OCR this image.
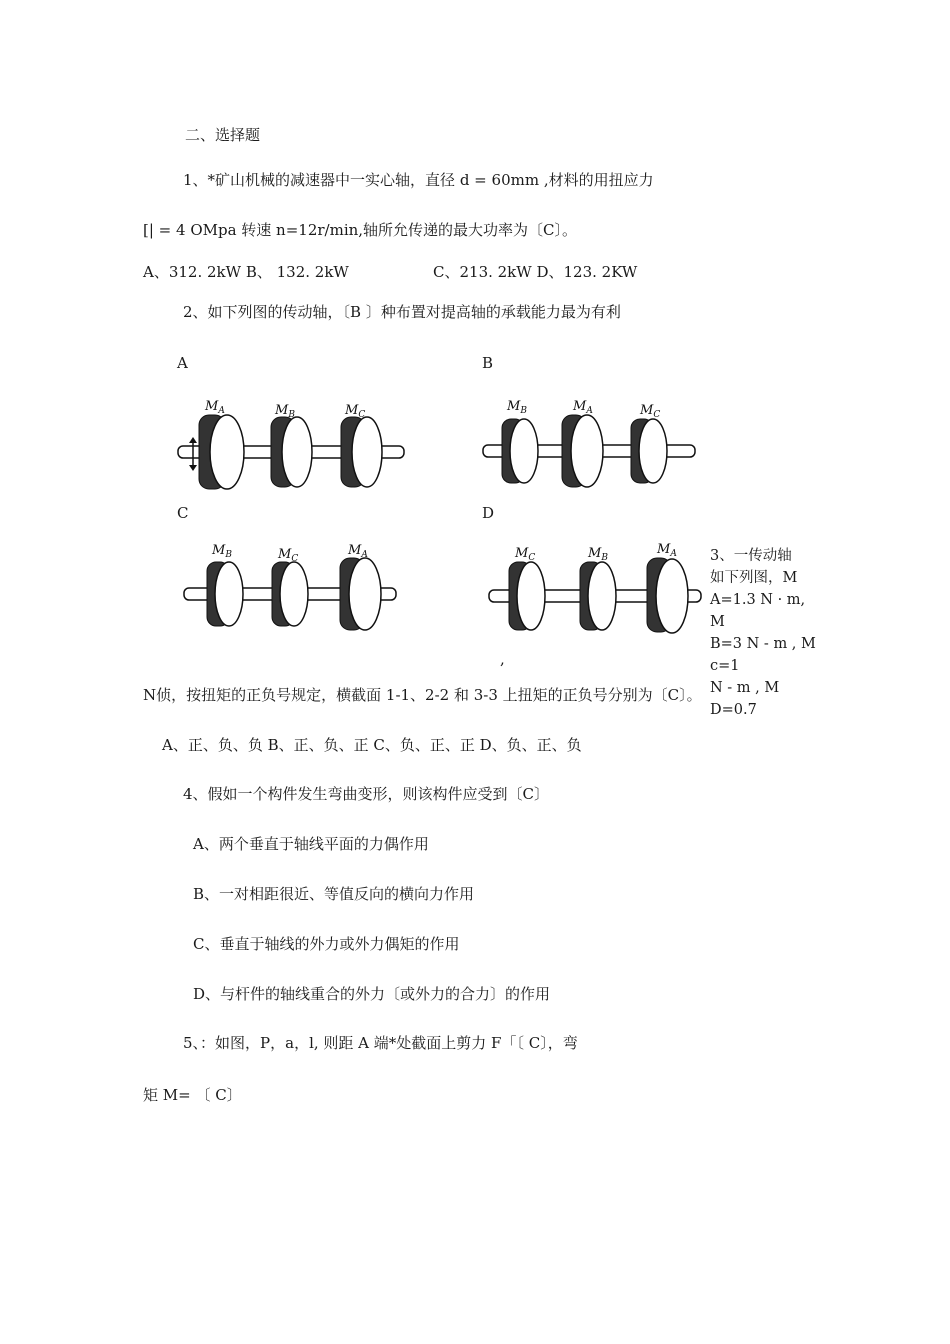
二、选择题
1、*矿山机械的减速器中一实心轴，直径 d = 60mm ,材料的用扭应力
[| = 4 OMpa 转速 n=12r/min,轴所允传递的最大功率为〔C〕。
A、312. 2kW B、 132. 2kW	C、213. 2kW D、123. 2KW
2、如下列图的传动轴，〔B 〕种布置对提高轴的承载能力最为有利
A	B
C	D
$M_A$	$M_B$	$M_C$
$M_B$	$M_A$	$M_C$
$M_B$	$M_C$
$M_A$	$M_C$	$M_B$
$M_A$ 3、一传动轴
如下列图，M
A=1.3 N · m, M
B=3 N - m , M c=1
N - m , M D=0.7
,
N侦，按扭矩的正负号规定，横截面 1-1、2-2 和 3-3 上扭矩的正负号分别为〔C〕。
A、正、负、负 B、正、负、正 C、负、正、正 D、负、正、负
4、假如一个构件发生弯曲变形，则该构件应受到〔C〕
A、两个垂直于轴线平面的力偶作用
B、一对相距很近、等值反向的横向力作用
C、垂直于轴线的外力或外力偶矩的作用
D、与杆件的轴线重合的外力〔或外力的合力〕的作用
5、：如图，P，a，l, 则距 A 端*处截面上剪力 F「〔 C〕，弯
矩 M= 〔 C〕
